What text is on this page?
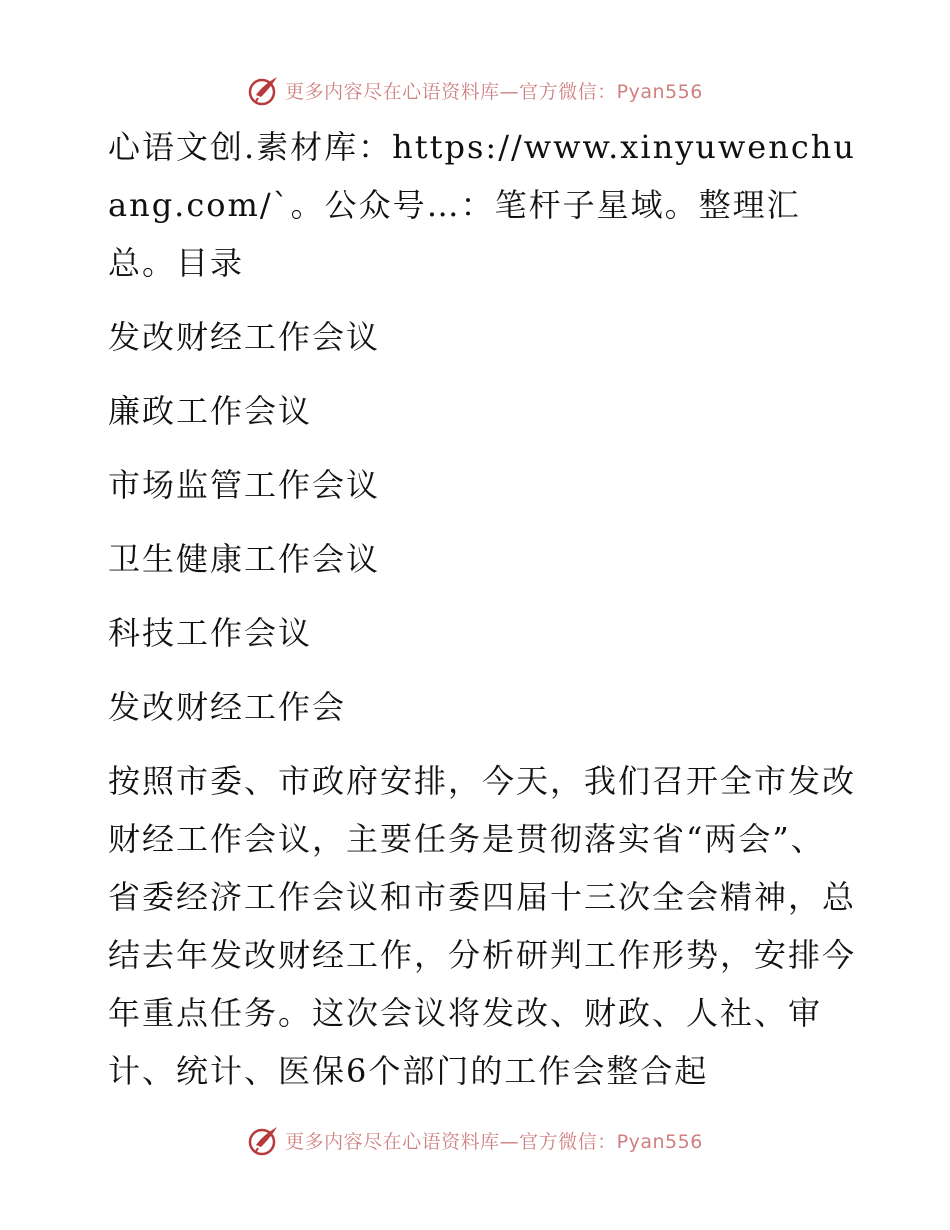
更多内容尽在心语资料库—官方微信：Pyan556

心语文创.素材库：https://www.xinyuwenchuang.com/`。公众号…：笔杆子星域。整理汇总。目录

发改财经工作会议

廉政工作会议

市场监管工作会议

卫生健康工作会议

科技工作会议

发改财经工作会

按照市委、市政府安排，今天，我们召开全市发改财经工作会议，主要任务是贯彻落实省“两会”、省委经济工作会议和市委四届十三次全会精神，总结去年发改财经工作，分析研判工作形势，安排今年重点任务。这次会议将发改、财政、人社、审计、统计、医保6个部门的工作会整合起

更多内容尽在心语资料库—官方微信：Pyan556
